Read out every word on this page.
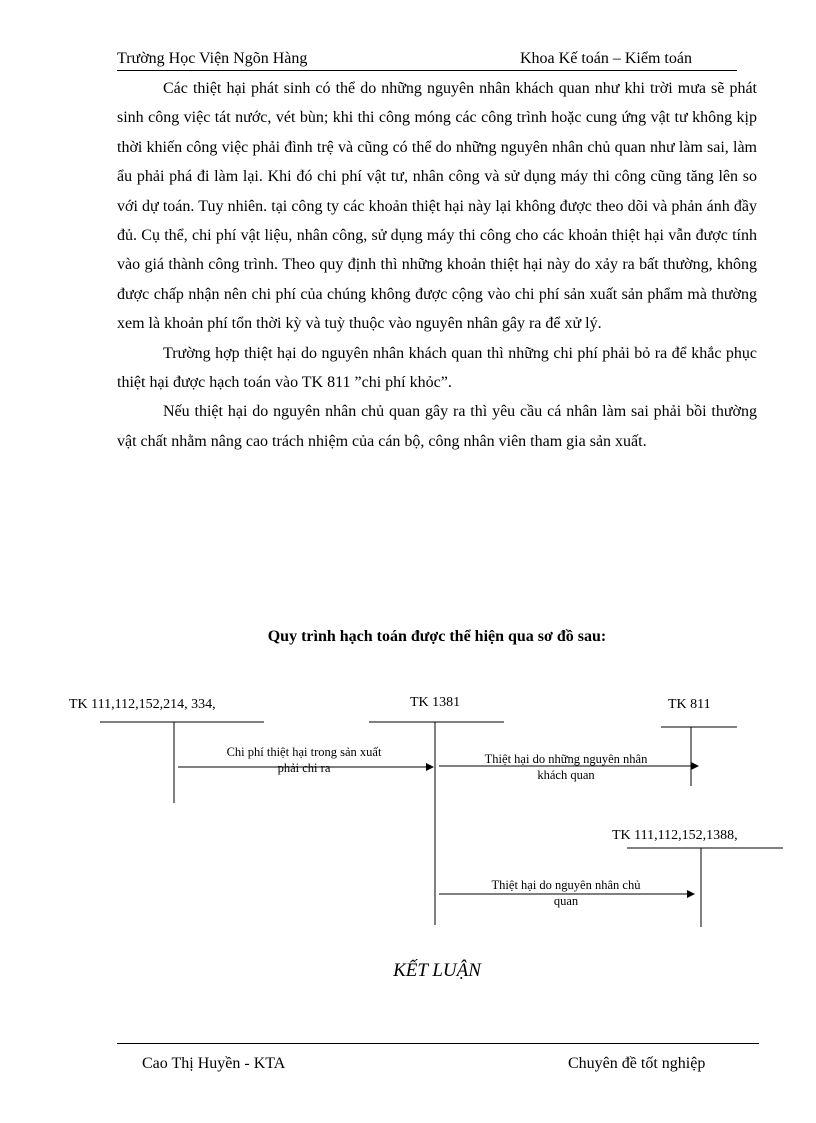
Trường Học Viện Ngõn Hàng	Khoa Kế toán – Kiểm toán

Các thiệt hại phát sinh có thể do những nguyên nhân khách quan như khi trời mưa sẽ phát sinh công việc tát nước, vét bùn; khi thi công móng các công trình hoặc cung ứng vật tư không kịp thời khiến công việc phải đình trệ và cũng có thể do những nguyên nhân chủ quan như làm sai, làm ẩu phải phá đi làm lại. Khi đó chi phí vật tư, nhân công và sử dụng máy thi công cũng tăng lên so với dự toán. Tuy nhiên. tại công ty các khoản thiệt hại này lại không được theo dõi và phản ánh đầy đủ. Cụ thể, chi phí vật liệu, nhân công, sử dụng máy thi công cho các khoản thiệt hại vẫn được tính vào giá thành công trình. Theo quy định thì những khoản thiệt hại này do xảy ra bất thường, không được chấp nhận nên chi phí của chúng không được cộng vào chi phí sản xuất sản phẩm mà thường xem là khoản phí tổn thời kỳ và tuỳ thuộc vào nguyên nhân gây ra để xử lý.

Trường hợp thiệt hại do nguyên nhân khách quan thì những chi phí phải bỏ ra để khắc phục thiệt hại được hạch toán vào TK 811 ”chi phí khỏc”.

Nếu thiệt hại do nguyên nhân chủ quan gây ra thì yêu cầu cá nhân làm sai phải bồi thường vật chất nhằm nâng cao trách nhiệm của cán bộ, công nhân viên tham gia sản xuất.

Quy trình hạch toán được thể hiện qua sơ đồ sau:
TK 111,112,152,214, 334,	TK 1381	TK 811
TK 111,112,152,1388,
Chi phí thiệt hại trong sản xuất
phải chi ra
Thiệt hại do những nguyên nhân
khách quan
Thiệt hại do nguyên nhân chủ
quan
KẾT LUẬN
Cao Thị Huyền - KTA	Chuyên đề tốt nghiệp
